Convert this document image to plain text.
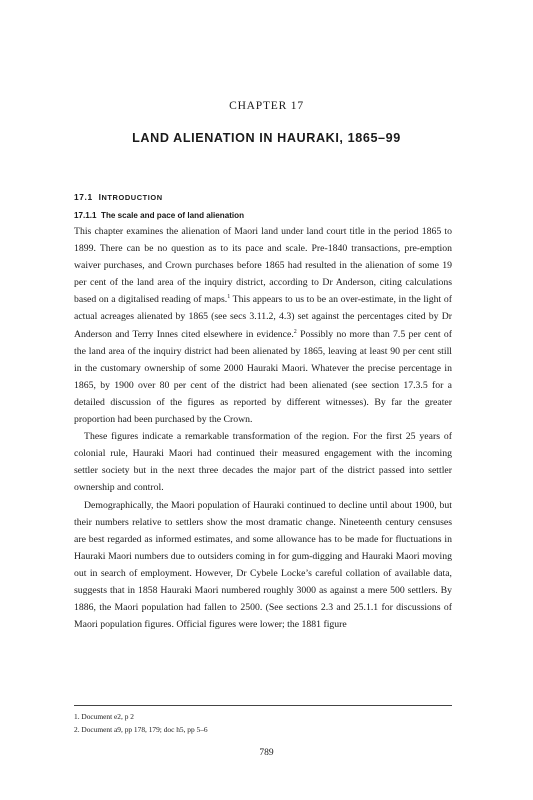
CHAPTER 17
LAND ALIENATION IN HAURAKI, 1865–99
17.1 INTRODUCTION
17.1.1 The scale and pace of land alienation

This chapter examines the alienation of Maori land under land court title in the period 1865 to 1899. There can be no question as to its pace and scale. Pre-1840 transactions, pre-emption waiver purchases, and Crown purchases before 1865 had resulted in the alienation of some 19 per cent of the land area of the inquiry district, according to Dr Anderson, citing calculations based on a digitalised reading of maps.$^1$ This appears to us to be an over-estimate, in the light of actual acreages alienated by 1865 (see secs 3.11.2, 4.3) set against the percentages cited by Dr Anderson and Terry Innes cited elsewhere in evidence.$^2$ Possibly no more than 7.5 per cent of the land area of the inquiry district had been alienated by 1865, leaving at least 90 per cent still in the customary ownership of some 2000 Hauraki Maori. Whatever the precise percentage in 1865, by 1900 over 80 per cent of the district had been alienated (see section 17.3.5 for a detailed discussion of the figures as reported by different witnesses). By far the greater proportion had been purchased by the Crown.

These figures indicate a remarkable transformation of the region. For the first 25 years of colonial rule, Hauraki Maori had continued their measured engagement with the incoming settler society but in the next three decades the major part of the district passed into settler ownership and control.

Demographically, the Maori population of Hauraki continued to decline until about 1900, but their numbers relative to settlers show the most dramatic change. Nineteenth century censuses are best regarded as informed estimates, and some allowance has to be made for fluctuations in Hauraki Maori numbers due to outsiders coming in for gum-digging and Hauraki Maori moving out in search of employment. However, Dr Cybele Locke’s careful collation of available data, suggests that in 1858 Hauraki Maori numbered roughly 3000 as against a mere 500 settlers. By 1886, the Maori population had fallen to 2500. (See sections 2.3 and 25.1.1 for discussions of Maori population figures. Official figures were lower; the 1881 figure

1. Document e2, p 2

2. Document a9, pp 178, 179; doc h5, pp 5–6

789
